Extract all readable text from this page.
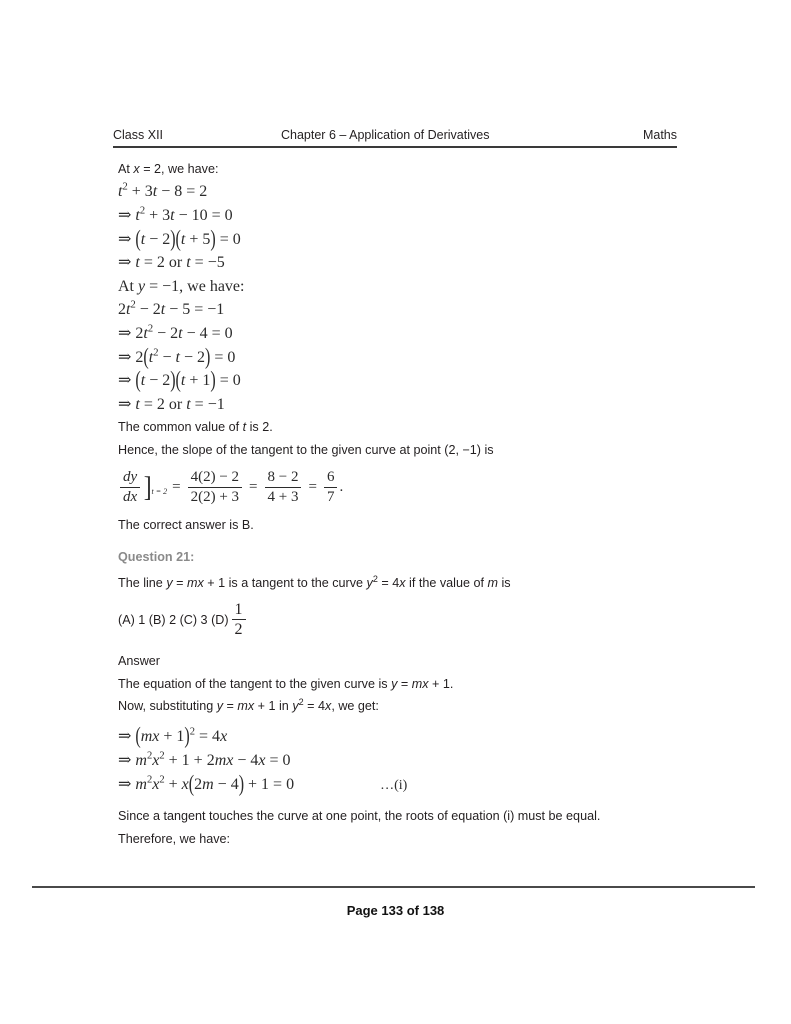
Class XII	Chapter 6 – Application of Derivatives	Maths

At x = 2, we have:

$t^2 + 3t - 8 = 2$

⇒ $t^2 + 3t - 10 = 0$

⇒ (t − 2)(t + 5) = 0

⇒ t = 2 or t = −5

At y = −1, we have:

$2t^2 - 2t - 5 = -1$

⇒ $2t^2 - 2t - 4 = 0$

⇒ $2(t^2 - t - 2) = 0$

⇒ (t − 2)(t + 1) = 0

⇒ t = 2 or t = −1

The common value of t is 2.

Hence, the slope of the tangent to the given curve at point (2, −1) is

$\frac{dy}{dx}$ ] $t = 2 = \frac{4(2) - 2}{2(2) + 3} = \frac{8 - 2}{4 + 3} = \frac{6}{7}$ .

The correct answer is B.

Question 21:

The line y = mx + 1 is a tangent to the curve $y^2 = 4x$ if the value of m is

(A) 1 (B) 2 (C) 3 $(D) \frac{1}{2}$

Answer

The equation of the tangent to the given curve is y = mx + 1.

Now, substituting y = mx + 1 in $y^2 = 4x$, we get:

⇒ (mx + 1)$^2$ = 4x

⇒ $m^2x^2 + 1 + 2mx - 4x = 0$

⇒ $m^2x^2 + x(2m - 4) + 1 = 0$	…(i)

Since a tangent touches the curve at one point, the roots of equation (i) must be equal.

Therefore, we have:

Page 133 of 138
